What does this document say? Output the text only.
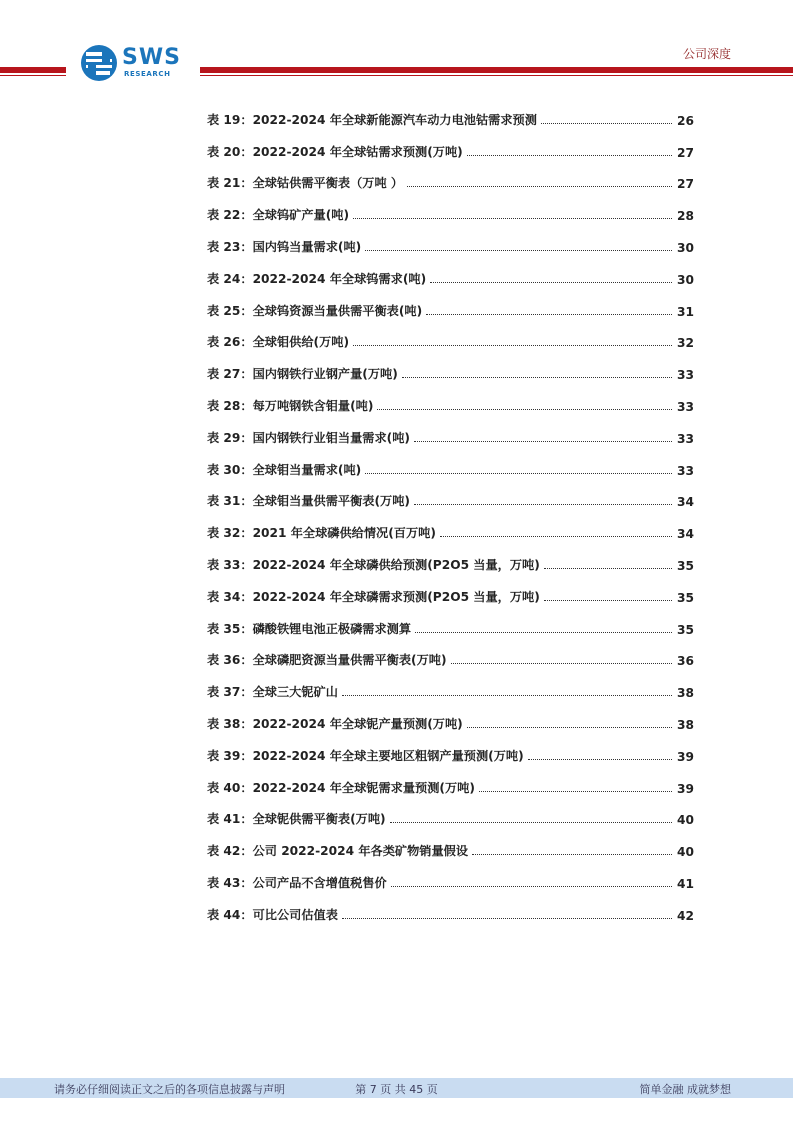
SWS
RESEARCH
公司深度
表 19：2022-2024 年全球新能源汽车动力电池钴需求预测	26
表 20：2022-2024 年全球钴需求预测(万吨)	27
表 21：全球钴供需平衡表（万吨 ）	27
表 22：全球钨矿产量(吨)	28
表 23：国内钨当量需求(吨)	30
表 24：2022-2024 年全球钨需求(吨)	30
表 25：全球钨资源当量供需平衡表(吨)	31
表 26：全球钼供给(万吨)	32
表 27：国内钢铁行业钢产量(万吨)	33
表 28：每万吨钢铁含钼量(吨)	33
表 29：国内钢铁行业钼当量需求(吨)	33
表 30：全球钼当量需求(吨)	33
表 31：全球钼当量供需平衡表(万吨)	34
表 32：2021 年全球磷供给情况(百万吨)	34
表 33：2022-2024 年全球磷供给预测(P2O5 当量，万吨)	35
表 34：2022-2024 年全球磷需求预测(P2O5 当量，万吨)	35
表 35：磷酸铁锂电池正极磷需求测算	35
表 36：全球磷肥资源当量供需平衡表(万吨)	36
表 37：全球三大铌矿山	38
表 38：2022-2024 年全球铌产量预测(万吨)	38
表 39：2022-2024 年全球主要地区粗钢产量预测(万吨)	39
表 40：2022-2024 年全球铌需求量预测(万吨)	39
表 41：全球铌供需平衡表(万吨)	40
表 42：公司 2022-2024 年各类矿物销量假设	40
表 43：公司产品不含增值税售价	41
表 44：可比公司估值表	42
请务必仔细阅读正文之后的各项信息披露与声明	第 7 页 共 45 页	简单金融 成就梦想
